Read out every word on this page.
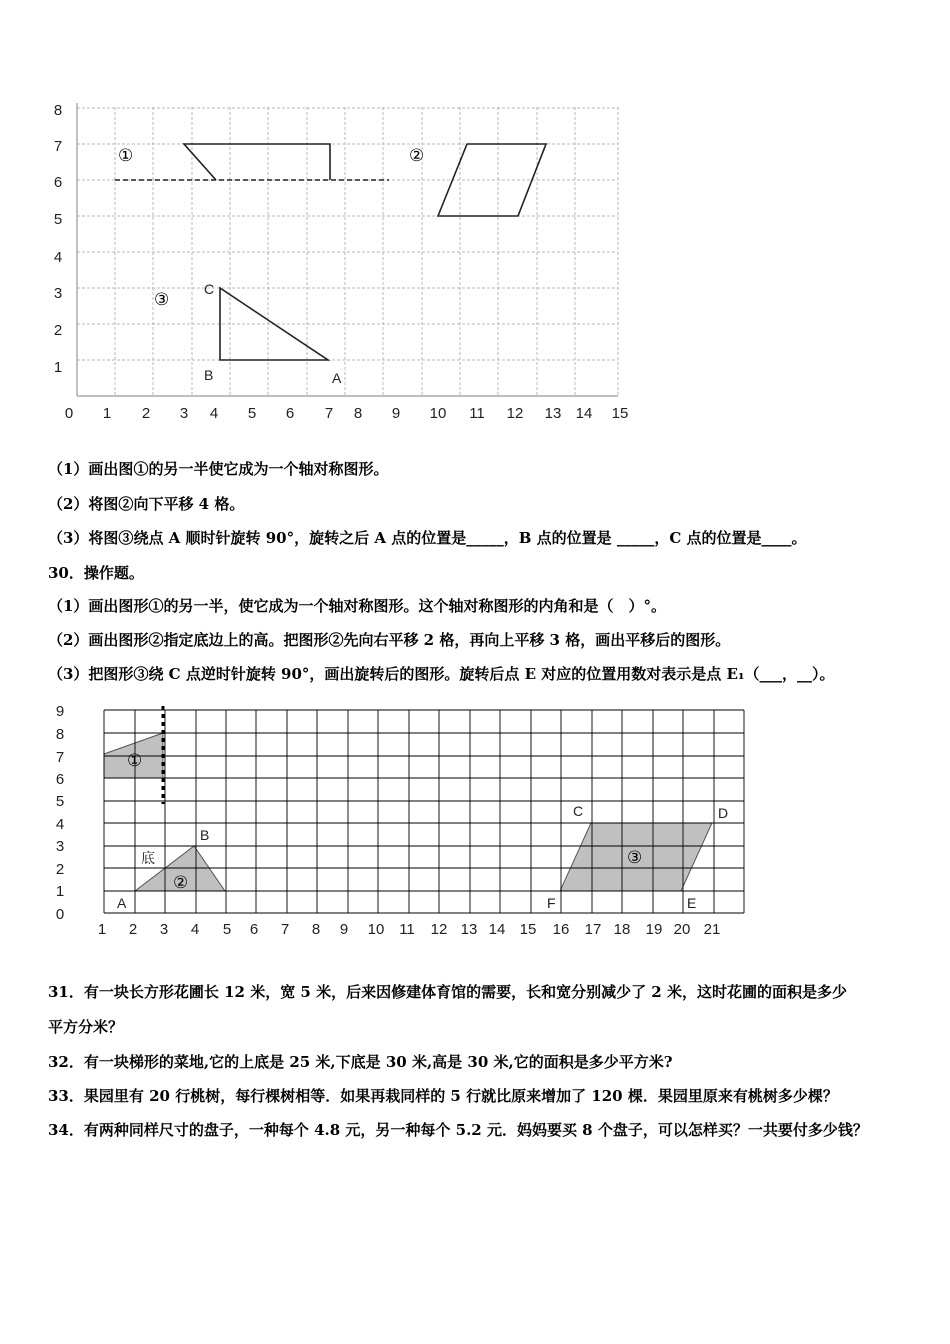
0 1 2 3 4 5 6 7 8 9 10 11 12 13 14 15
1
2
3
4
5
6
7
8
①	②
③
C
B	A
（1）画出图①的另一半使它成为一个轴对称图形。
（2）将图②向下平移 4 格。
（3）将图③绕点 A 顺时针旋转 90°，旋转之后 A 点的位置是_____，B 点的位置是 _____，C 点的位置是____。
30．操作题。
（1）画出图形①的另一半，使它成为一个轴对称图形。这个轴对称图形的内角和是（　）°。
（2）画出图形②指定底边上的高。把图形②先向右平移 2 格，再向上平移 3 格，画出平移后的图形。
（3）把图形③绕 C 点逆时针旋转 90°，画出旋转后的图形。旋转后点 E 对应的位置用数对表示是点 E₁（___，__）。
0
1
2
3
4
5
6
7
8
9
1 2 3 4 5 6 7 8 9 10 11 12 13 14 15 16 17 18 19 20 21
①
②
③
底
A
B
C	D
E
F
31．有一块长方形花圃长 12 米，宽 5 米，后来因修建体育馆的需要，长和宽分别减少了 2 米，这时花圃的面积是多少
平方分米？
32．有一块梯形的菜地,它的上底是 25 米,下底是 30 米,高是 30 米,它的面积是多少平方米?
33．果园里有 20 行桃树，每行棵树相等．如果再栽同样的 5 行就比原来增加了 120 棵．果园里原来有桃树多少棵？
34．有两种同样尺寸的盘子，一种每个 4.8 元，另一种每个 5.2 元．妈妈要买 8 个盘子，可以怎样买？一共要付多少钱？
